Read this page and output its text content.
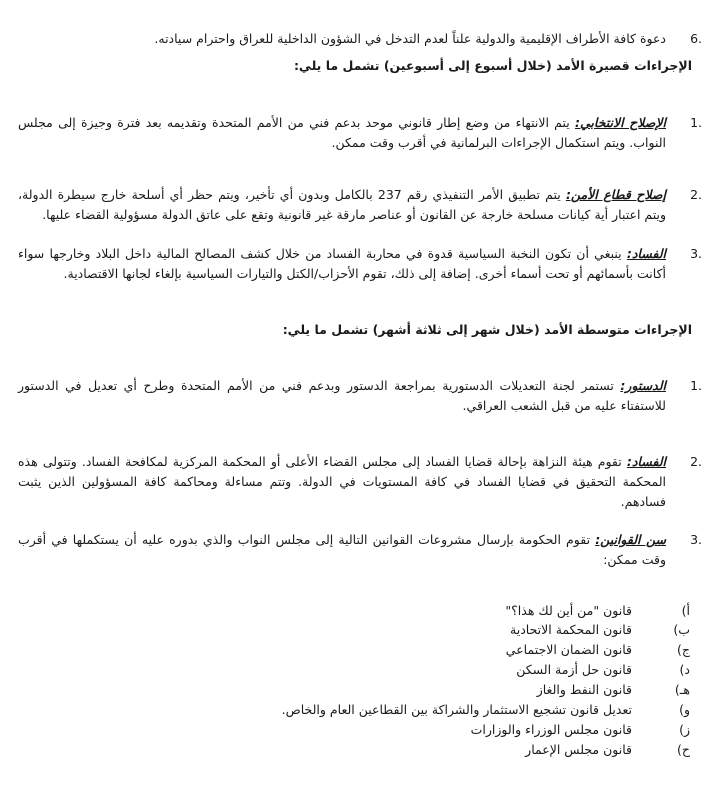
6.
دعوة كافة الأطراف الإقليمية والدولية علناً لعدم التدخل في الشؤون الداخلية للعراق واحترام سيادته.
الإجراءات قصيرة الأمد (خلال أسبوع إلى أسبوعين) تشمل ما يلي:
1.
الإصلاح الانتخابي: يتم الانتهاء من وضع إطار قانوني موحد بدعم فني من الأمم المتحدة وتقديمه بعد فترة وجيزة إلى مجلس النواب. ويتم استكمال الإجراءات البرلمانية في أقرب وقت ممكن.
2.
إصلاح قطاع الأمن: يتم تطبيق الأمر التنفيذي رقم 237 بالكامل وبدون أي تأخير، ويتم حظر أي أسلحة خارج سيطرة الدولة، ويتم اعتبار أية كيانات مسلحة خارجة عن القانون أو عناصر مارقة غير قانونية وتقع على عاتق الدولة مسؤولية القضاء عليها.
3.
الفساد: ينبغي أن تكون النخبة السياسية قدوة في محاربة الفساد من خلال كشف المصالح المالية داخل البلاد وخارجها سواء أكانت بأسمائهم أو تحت أسماء أخرى. إضافة إلى ذلك، تقوم الأحزاب/الكتل والتيارات السياسية بإلغاء لجانها الاقتصادية.
الإجراءات متوسطة الأمد (خلال شهر إلى ثلاثة أشهر) تشمل ما يلي:
1.
الدستور: تستمر لجنة التعديلات الدستورية بمراجعة الدستور وبدعم فني من الأمم المتحدة وطرح أي تعديل في الدستور للاستفتاء عليه من قبل الشعب العراقي.
2.
الفساد: تقوم هيئة النزاهة بإحالة قضايا الفساد إلى مجلس القضاء الأعلى أو المحكمة المركزية لمكافحة الفساد. وتتولى هذه المحكمة التحقيق في قضايا الفساد في كافة المستويات في الدولة. وتتم مساءلة ومحاكمة كافة المسؤولين الذين يثبت فسادهم.
3.
سن القوانين: تقوم الحكومة بإرسال مشروعات القوانين التالية إلى مجلس النواب والذي بدوره عليه أن يستكملها في أقرب وقت ممكن:
أ)
قانون "من أين لك هذا؟"
ب)
قانون المحكمة الاتحادية
ج)
قانون الضمان الاجتماعي
د)
قانون حل أزمة السكن
هـ)
قانون النفط والغاز
و)
تعديل قانون تشجيع الاستثمار والشراكة بين القطاعين العام والخاص.
ز)
قانون مجلس الوزراء والوزارات
ح)
قانون مجلس الإعمار
